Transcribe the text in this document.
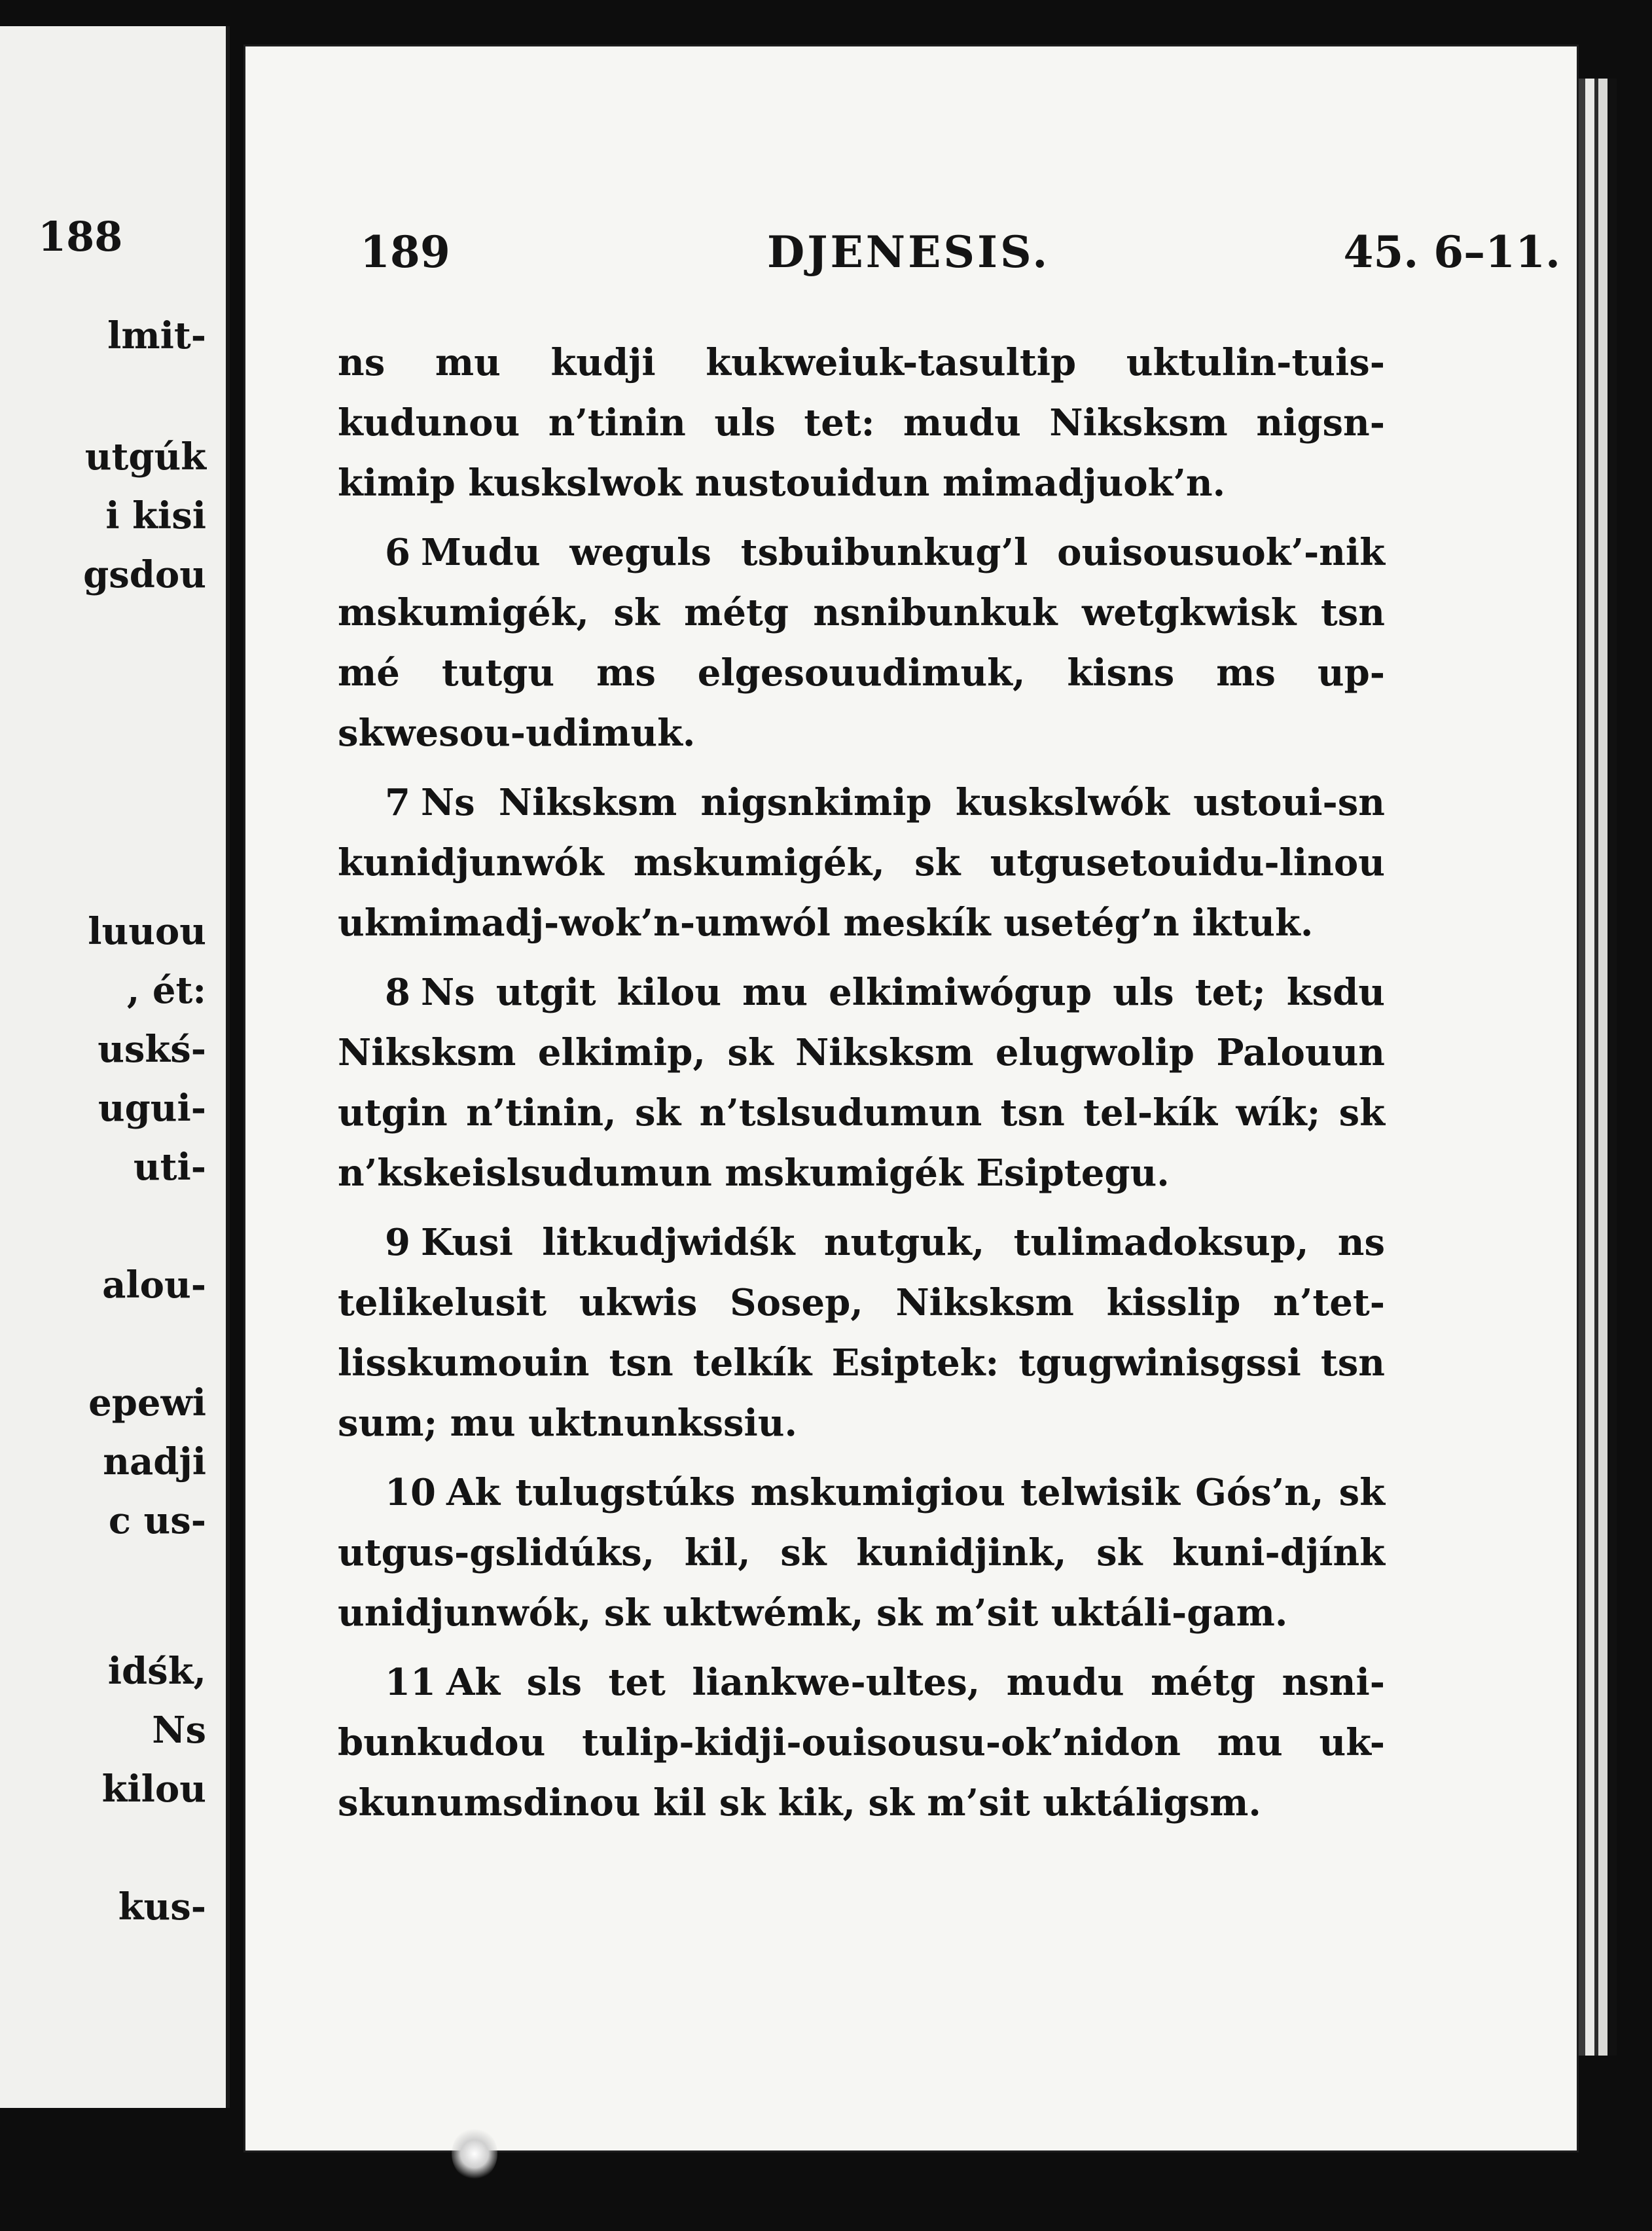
188
lmit-
utgúk
i kisi
gsdou
luuou
, ét:
uskś-
ugui-
uti-
alou-
epewi
nadji
c us-
idśk,
Ns
kilou
kus-
189	DJENESIS.	45. 6–11.

ns mu kudji kukweiuk-tasultip uktulin-tuis-kudunou n’tinin uls tet: mudu Niksksm nigsn-kimip kuskslwok nustouidun mimadjuok’n.

6 Mudu weguls tsbuibunkug’l ouisousuok’-nik mskumigék, sk métg nsnibunkuk wetgkwisk tsn mé tutgu ms elgesouudimuk, kisns ms up-skwesou-udimuk.

7 Ns Niksksm nigsnkimip kuskslwók ustoui-sn kunidjunwók mskumigék, sk utgusetouidu-linou ukmimadj-wok’n-umwól meskík usetég’n iktuk.

8 Ns utgit kilou mu elkimiwógup uls tet; ksdu Niksksm elkimip, sk Niksksm elugwolip Palouun utgin n’tinin, sk n’tslsudumun tsn tel-kík wík; sk n’kskeislsudumun mskumigék Esiptegu.

9 Kusi litkudjwidśk nutguk, tulimadoksup, ns telikelusit ukwis Sosep, Niksksm kisslip n’tet-lisskumouin tsn telkík Esiptek: tgugwinisgssi tsn sum; mu uktnunkssiu.

10 Ak tulugstúks mskumigiou telwisik Gós’n, sk utgus-gslidúks, kil, sk kunidjink, sk kuni-djínk unidjunwók, sk uktwémk, sk m’sit uktáli-gam.

11 Ak sls tet liankwe-ultes, mudu métg nsni-bunkudou tulip-kidji-ouisousu-ok’nidon mu uk-skunumsdinou kil sk kik, sk m’sit uktáligsm.
